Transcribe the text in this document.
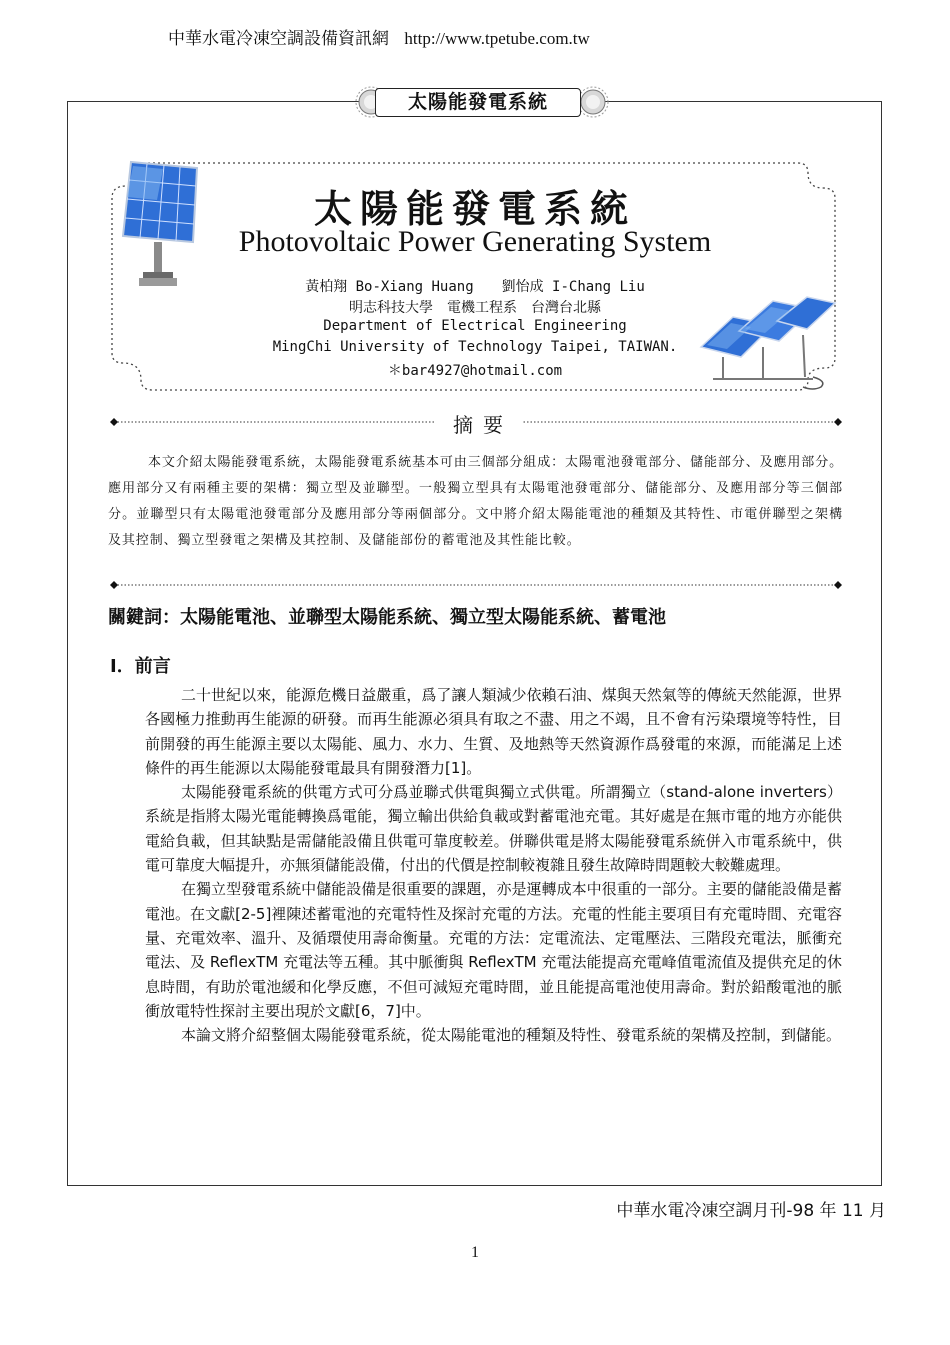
中華水電冷凍空調設備資訊網 http://www.tpetube.com.tw
太陽能發電系統
太陽能發電系統
Photovoltaic Power Generating System
黃柏翔 Bo-Xiang Huang　　劉怡成 I-Chang Liu
明志科技大學　電機工程系　台灣台北縣
Department of Electrical Engineering
MingChi University of Technology Taipei, TAIWAN.
＊bar4927@hotmail.com
摘要
本文介紹太陽能發電系統，太陽能發電系統基本可由三個部分組成：太陽電池發電部分、儲能部分、及應用部分。應用部分又有兩種主要的架構：獨立型及並聯型。一般獨立型具有太陽電池發電部分、儲能部分、及應用部分等三個部分。並聯型只有太陽電池發電部分及應用部分等兩個部分。文中將介紹太陽能電池的種類及其特性、市電併聯型之架構及其控制、獨立型發電之架構及其控制、及儲能部份的蓄電池及其性能比較。
關鍵詞：太陽能電池、並聯型太陽能系統、獨立型太陽能系統、蓄電池
I．前言

二十世紀以來，能源危機日益嚴重，爲了讓人類減少依賴石油、煤與天然氣等的傳統天然能源，世界各國極力推動再生能源的研發。而再生能源必須具有取之不盡、用之不竭，且不會有污染環境等特性，目前開發的再生能源主要以太陽能、風力、水力、生質、及地熱等天然資源作爲發電的來源，而能滿足上述條件的再生能源以太陽能發電最具有開發潛力[1]。

太陽能發電系統的供電方式可分爲並聯式供電與獨立式供電。所謂獨立（stand-alone inverters）系統是指將太陽光電能轉換爲電能，獨立輸出供給負載或對蓄電池充電。其好處是在無市電的地方亦能供電給負載，但其缺點是需儲能設備且供電可靠度較差。併聯供電是將太陽能發電系統併入市電系統中，供電可靠度大幅提升，亦無須儲能設備，付出的代價是控制較複雜且發生故障時問題較大較難處理。

在獨立型發電系統中儲能設備是很重要的課題，亦是運轉成本中很重的一部分。主要的儲能設備是蓄電池。在文獻[2-5]裡陳述蓄電池的充電特性及探討充電的方法。充電的性能主要項目有充電時間、充電容量、充電效率、溫升、及循環使用壽命衡量。充電的方法：定電流法、定電壓法、三階段充電法，脈衝充電法、及 ReflexTM 充電法等五種。其中脈衝與 ReflexTM 充電法能提高充電峰值電流值及提供充足的休息時間，有助於電池緩和化學反應，不但可減短充電時間，並且能提高電池使用壽命。對於鉛酸電池的脈衝放電特性探討主要出現於文獻[6，7]中。

本論文將介紹整個太陽能發電系統，從太陽能電池的種類及特性、發電系統的架構及控制，到儲能。

中華水電冷凍空調月刊-98 年 11 月
1
